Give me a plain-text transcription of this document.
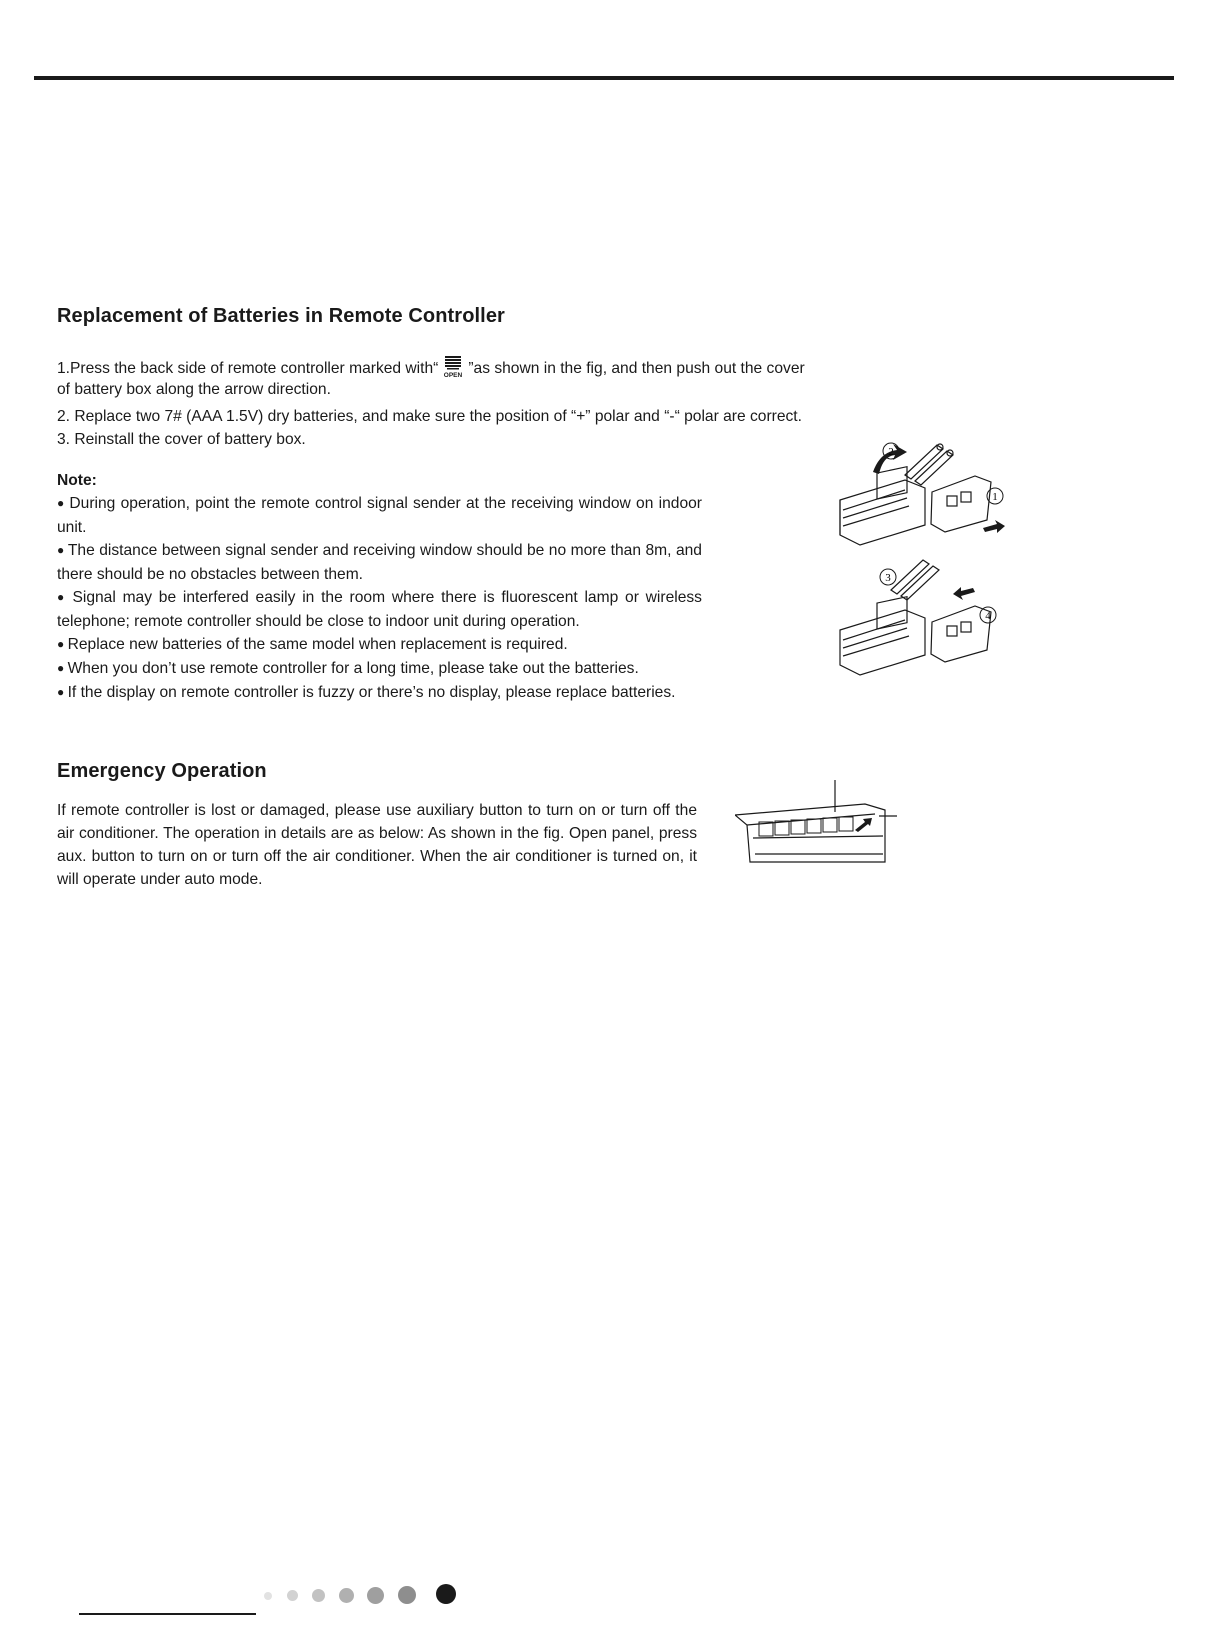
Replacement of Batteries in Remote Controller

1.Press the back side of remote controller marked with“ OPEN ”as shown in the fig, and then push out the cover

of battery box along the arrow direction.

2. Replace two 7# (AAA 1.5V) dry batteries, and make sure the position of “+” polar and “-“ polar are correct.

3. Reinstall the cover of battery box.

Note:

● During operation, point the remote control signal sender at the receiving window on indoor unit.

● The distance between signal sender and receiving window should be no more than 8m, and there should be no obstacles between them.

● Signal may be interfered easily in the room where there is fluorescent lamp or wireless telephone; remote controller should be close to indoor unit during operation.

● Replace new batteries of the same model when replacement is required.

● When you don’t use remote controller for a long time, please take out the batteries.

● If the display on remote controller is fuzzy or there’s no display, please replace batteries.

2
1
3
4
Emergency Operation

If remote controller is lost or damaged, please use auxiliary button to turn on or turn off the air conditioner. The operation in details are as below: As shown in the fig. Open panel, press aux. button to turn on or turn off the air conditioner. When the air conditioner is turned on, it will operate under auto mode.
